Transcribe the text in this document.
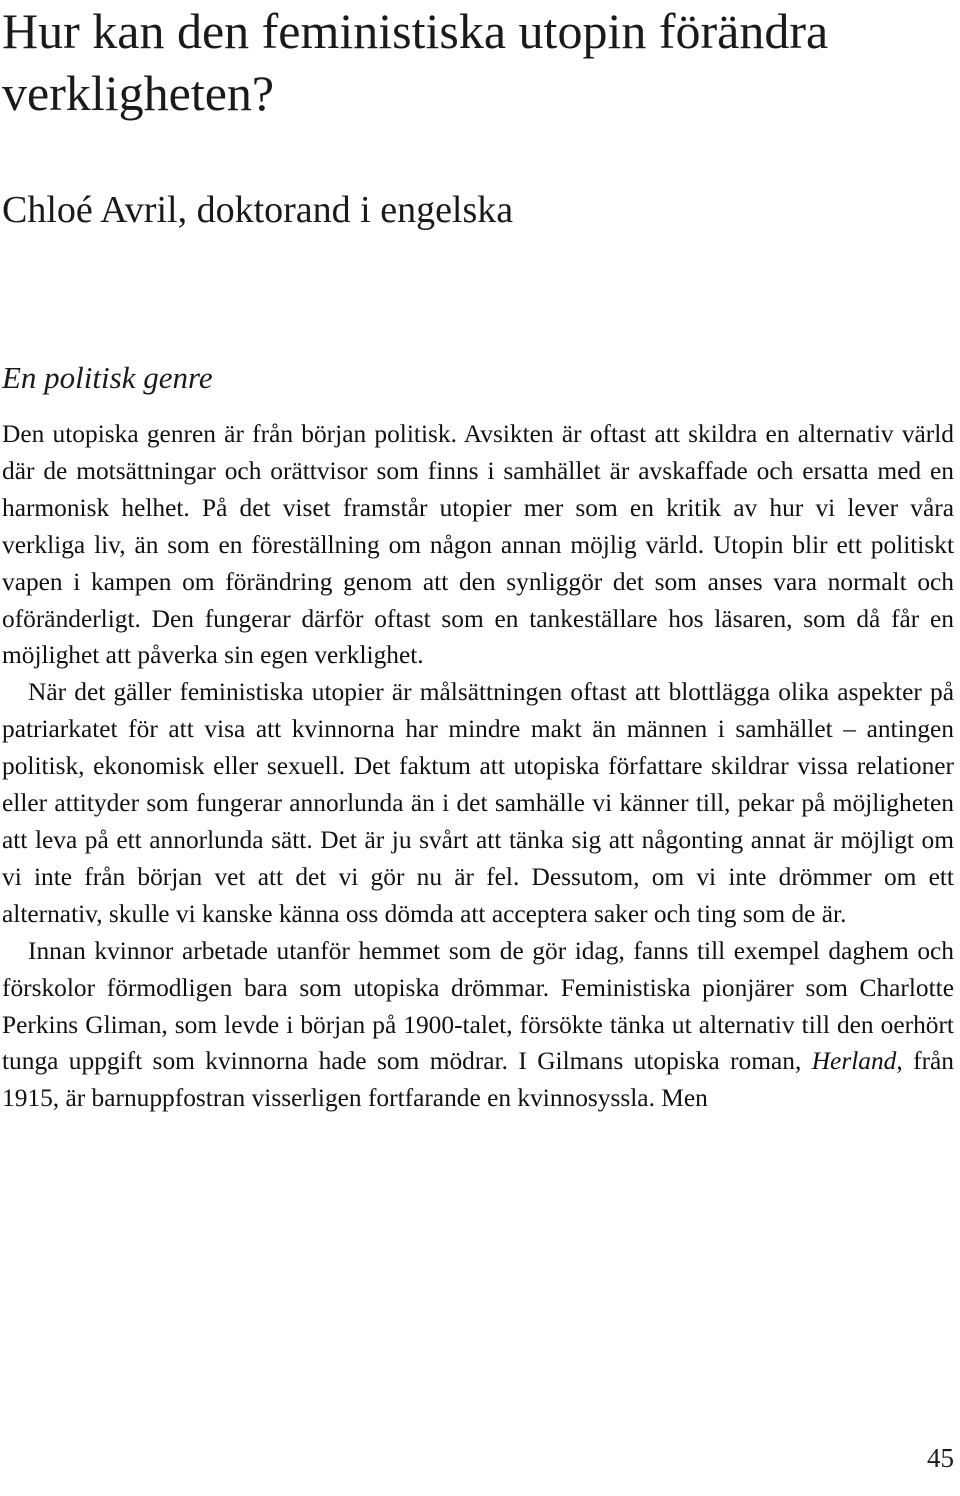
Hur kan den feministiska utopin förändra verkligheten?
Chloé Avril, doktorand i engelska
En politisk genre

Den utopiska genren är från början politisk. Avsikten är oftast att skildra en alternativ värld där de motsättningar och orättvisor som finns i samhället är avskaffade och ersatta med en harmonisk helhet. På det viset framstår utopier mer som en kritik av hur vi lever våra verkliga liv, än som en föreställning om någon annan möjlig värld. Utopin blir ett politiskt vapen i kampen om förändring genom att den synliggör det som anses vara normalt och oföränderligt. Den fungerar därför oftast som en tankeställare hos läsaren, som då får en möjlighet att påverka sin egen verklighet.

När det gäller feministiska utopier är målsättningen oftast att blottlägga olika aspekter på patriarkatet för att visa att kvinnorna har mindre makt än männen i samhället – antingen politisk, ekonomisk eller sexuell. Det faktum att utopiska författare skildrar vissa relationer eller attityder som fungerar annorlunda än i det samhälle vi känner till, pekar på möjligheten att leva på ett annorlunda sätt. Det är ju svårt att tänka sig att någonting annat är möjligt om vi inte från början vet att det vi gör nu är fel. Dessutom, om vi inte drömmer om ett alternativ, skulle vi kanske känna oss dömda att acceptera saker och ting som de är.

Innan kvinnor arbetade utanför hemmet som de gör idag, fanns till exempel daghem och förskolor förmodligen bara som utopiska drömmar. Feministiska pionjärer som Charlotte Perkins Gliman, som levde i början på 1900-talet, försökte tänka ut alternativ till den oerhört tunga uppgift som kvinnorna hade som mödrar. I Gilmans utopiska roman, Herland, från 1915, är barnuppfostran visserligen fortfarande en kvinnosyssla. Men

45
